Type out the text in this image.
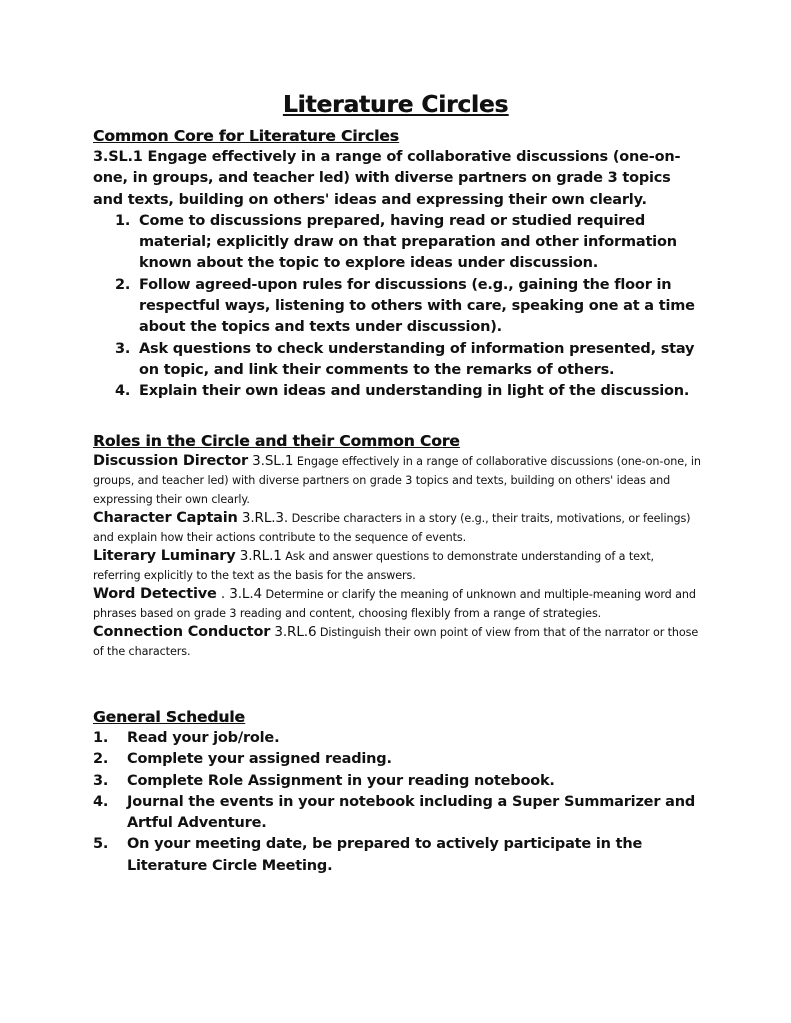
Literature Circles
Common Core for Literature Circles
3.SL.1 Engage effectively in a range of collaborative discussions (one-on-one, in groups, and teacher led) with diverse partners on grade 3 topics and texts, building on others' ideas and expressing their own clearly.
1. Come to discussions prepared, having read or studied required material; explicitly draw on that preparation and other information known about the topic to explore ideas under discussion.
2. Follow agreed-upon rules for discussions (e.g., gaining the floor in respectful ways, listening to others with care, speaking one at a time about the topics and texts under discussion).
3. Ask questions to check understanding of information presented, stay on topic, and link their comments to the remarks of others.
4. Explain their own ideas and understanding in light of the discussion.
Roles in the Circle and their Common Core
Discussion Director 3.SL.1 Engage effectively in a range of collaborative discussions (one-on-one, in groups, and teacher led) with diverse partners on grade 3 topics and texts, building on others' ideas and expressing their own clearly.
Character Captain 3.RL.3. Describe characters in a story (e.g., their traits, motivations, or feelings) and explain how their actions contribute to the sequence of events.
Literary Luminary 3.RL.1 Ask and answer questions to demonstrate understanding of a text, referring explicitly to the text as the basis for the answers.
Word Detective . 3.L.4 Determine or clarify the meaning of unknown and multiple-meaning word and phrases based on grade 3 reading and content, choosing flexibly from a range of strategies.
Connection Conductor 3.RL.6 Distinguish their own point of view from that of the narrator or those of the characters.
General Schedule
1. Read your job/role.
2. Complete your assigned reading.
3. Complete Role Assignment in your reading notebook.
4. Journal the events in your notebook including a Super Summarizer and Artful Adventure.
5. On your meeting date, be prepared to actively participate in the Literature Circle Meeting.
